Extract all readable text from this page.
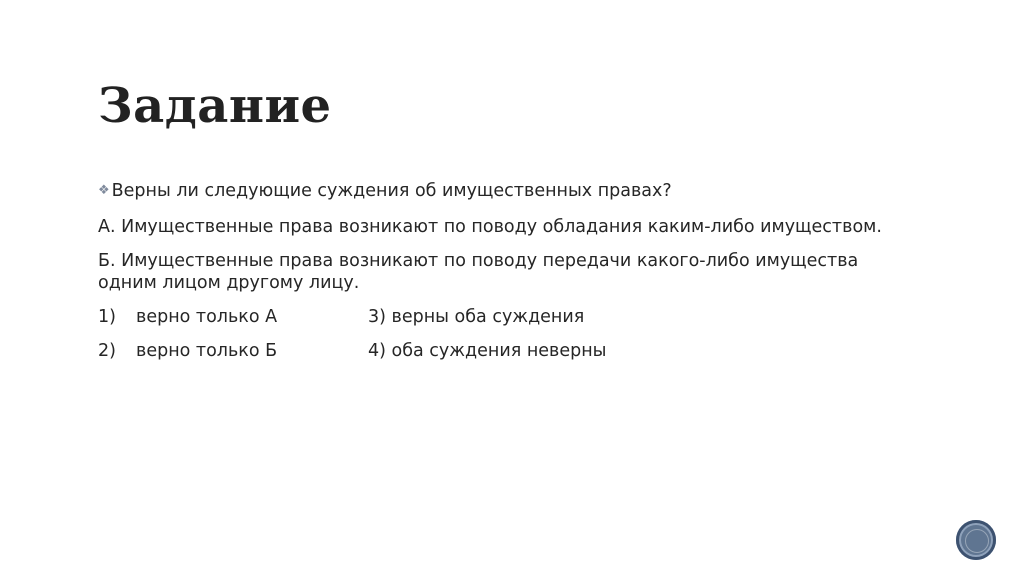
Задание
❖ Верны ли следующие суждения об имущественных правах?
А. Имущественные права возникают по поводу обладания каким-либо имуществом.
Б. Имущественные права возникают по поводу передачи какого-либо имущества одним лицом другому лицу.
1)	верно только А	3) верны оба суждения
2)	верно только Б	4) оба суждения неверны
